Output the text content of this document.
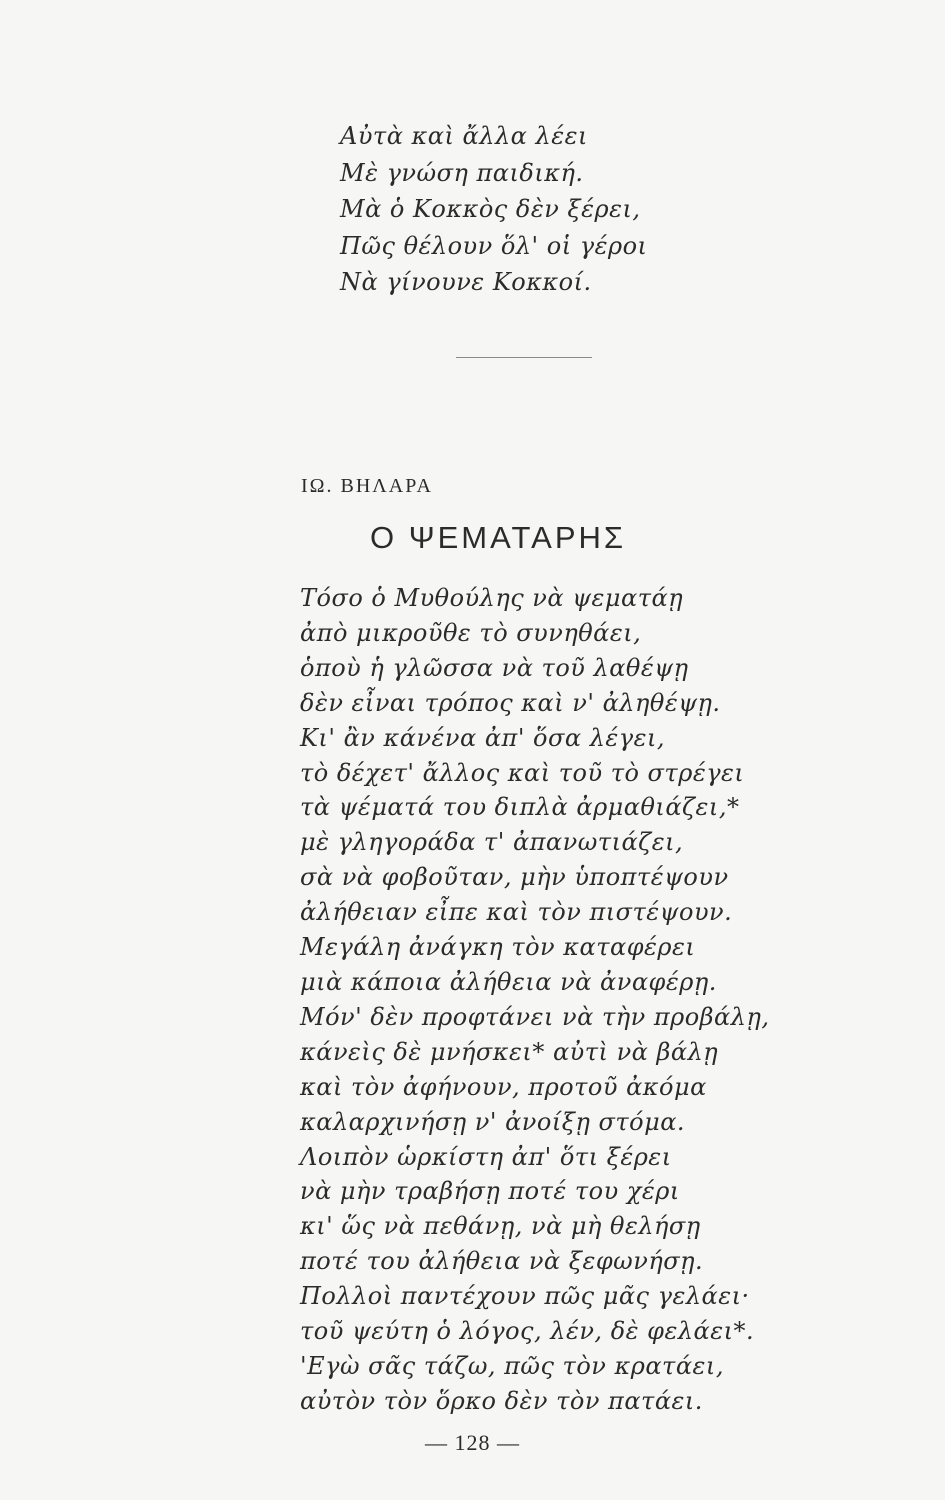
Αὐτὰ καὶ ἄλλα λέει
Μὲ γνώση παιδική.
Μὰ ὁ Κοκκὸς δὲν ξέρει,
Πῶς θέλουν ὅλ' οἱ γέροι
Νὰ γίνουνε Κοκκοί.
ΙΩ. ΒΗΛΑΡΑ
Ο ΨΕΜΑΤΑΡΗΣ
Τόσο ὁ Μυθούλης νὰ ψεματάῃ
ἀπὸ μικροῦθε τὸ συνηθάει,
ὁποὺ ἡ γλῶσσα νὰ τοῦ λαθέψῃ
δὲν εἶναι τρόπος καὶ ν' ἀληθέψῃ.
Κι' ἂν κάνένα ἀπ' ὅσα λέγει,
τὸ δέχετ' ἄλλος καὶ τοῦ τὸ στρέγει
τὰ ψέματά του διπλὰ ἀρμαθιάζει,*
μὲ γληγοράδα τ' ἀπανωτιάζει,
σὰ νὰ φοβοῦταν, μὴν ὑποπτέψουν
ἀλήθειαν εἶπε καὶ τὸν πιστέψουν.
Μεγάλη ἀνάγκη τὸν καταφέρει
μιὰ κάποια ἀλήθεια νὰ ἀναφέρῃ.
Μόν' δὲν προφτάνει νὰ τὴν προβάλῃ,
κάνεὶς δὲ μνήσκει* αὐτὶ νὰ βάλῃ
καὶ τὸν ἀφήνουν, προτοῦ ἀκόμα
καλαρχινήσῃ ν' ἀνοίξῃ στόμα.
Λοιπὸν ὡρκίστη ἀπ' ὅτι ξέρει
νὰ μὴν τραβήσῃ ποτέ του χέρι
κι' ὥς νὰ πεθάνῃ, νὰ μὴ θελήσῃ
ποτέ του ἀλήθεια νὰ ξεφωνήσῃ.
Πολλοὶ παντέχουν πῶς μᾶς γελάει·
τοῦ ψεύτη ὁ λόγος, λέν, δὲ φελάει*.
'Εγὼ σᾶς τάζω, πῶς τὸν κρατάει,
αὐτὸν τὸν ὅρκο δὲν τὸν πατάει.
— 128 —
